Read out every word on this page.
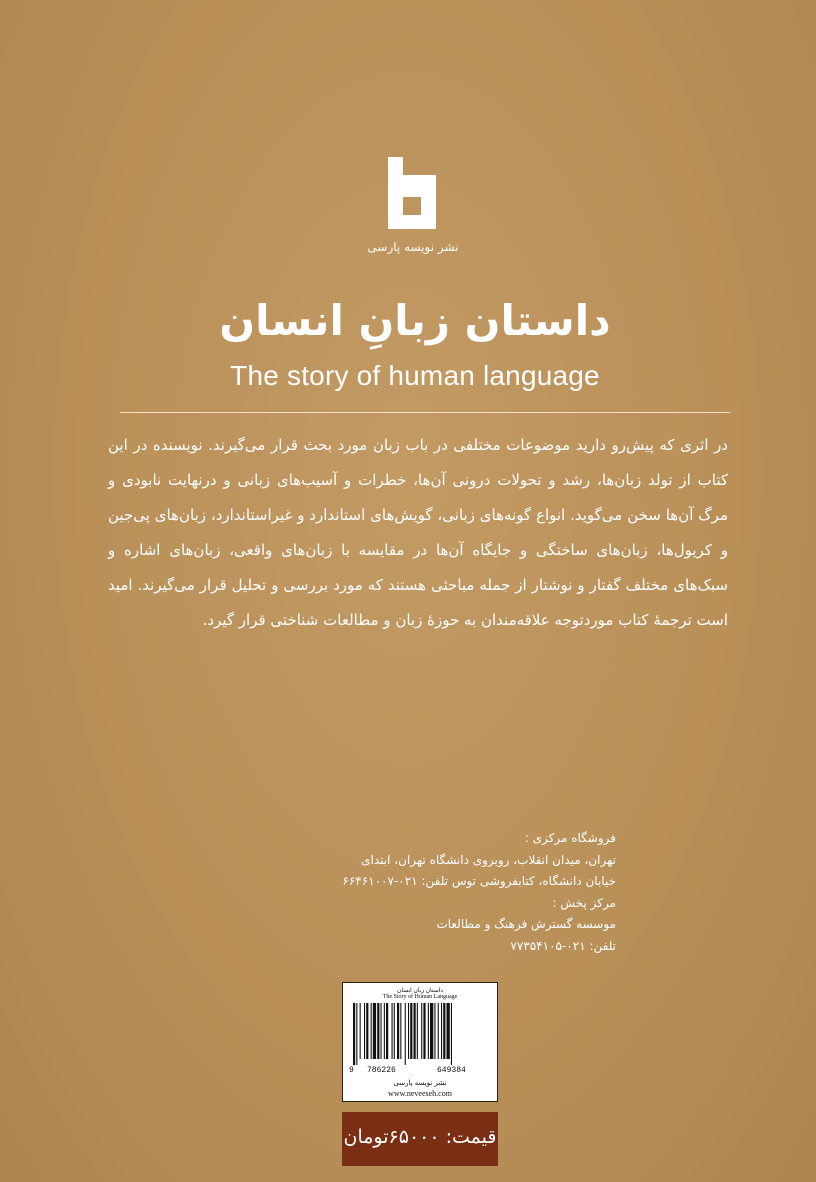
نشر نویسه پارسی
داستان زبانِ انسان
The story of human language

در اثری که پیش‌رو دارید موضوعات مختلفی در باب زبان مورد بحث قرار می‌گیرند. نویسنده در این کتاب از تولد زبان‌ها، رشد و تحولات درونی آن‌ها، خطرات و آسیب‌های زبانی و درنهایت نابودی و مرگ آن‌ها سخن می‌گوید. انواع گونه‌های زبانی، گویش‌های استاندارد و غیراستاندارد، زبان‌های پی‌جین و کریول‌ها، زبان‌های ساختگی و جایگاه آن‌ها در مقایسه با زبان‌های واقعی، زبان‌های اشاره و سبک‌های مختلف گفتار و نوشتار از جمله مباحثی هستند که مورد بررسی و تحلیل قرار می‌گیرند. امید است ترجمهٔ کتاب موردتوجه علاقه‌مندان به حوزهٔ زبان و مطالعات شناختی قرار گیرد.

فروشگاه مرکزی :
تهران، میدان انقلاب، روبروی دانشگاه تهران، ابتدای
خیابان دانشگاه، کتابفروشی توس تلفن: ۰۲۱-۶۶۴۶۱۰۰۷
مرکز پخش :
موسسه گسترش فرهنگ و مطالعات
تلفن: ۰۲۱-۷۷۳۵۴۱۰۵
داستان زبان انسان
The Story of Human Language
9 786226	649384
نشر نویسه پارسی
www.neveeseh.com
قیمت: ۶۵۰۰۰تومان
